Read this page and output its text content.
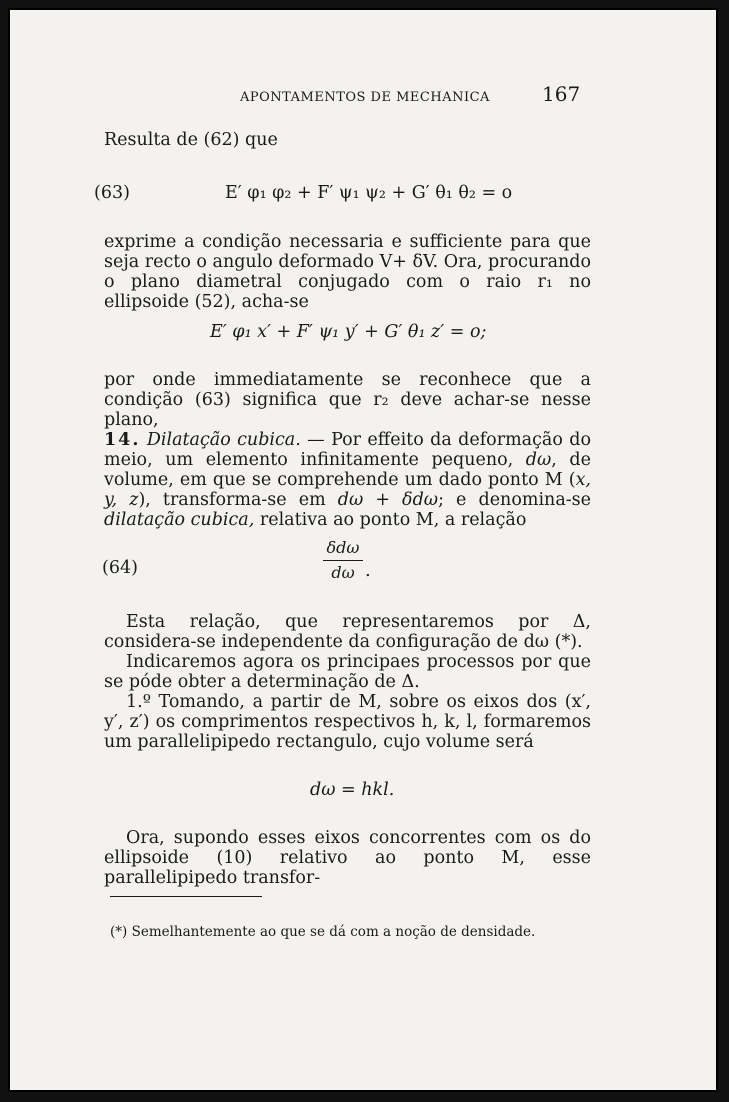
APONTAMENTOS DE MECHANICA	167
Resulta de (62) que
(63)	E′ φ₁ φ₂ + F′ ψ₁ ψ₂ + G′ θ₁ θ₂ = o
exprime a condição necessaria e sufficiente para que seja recto o angulo deformado V+ δV. Ora, procurando o plano diametral conjugado com o raio r₁ no ellipsoide (52), acha-se
E′ φ₁ x′ + F′ ψ₁ y′ + G′ θ₁ z′ = o;
por onde immediatamente se reconhece que a condição (63) significa que r₂ deve achar-se nesse plano,
14. Dilatação cubica. — Por effeito da deformação do meio, um elemento infinitamente pequeno, dω, de volume, em que se comprehende um dado ponto M (x, y, z), transforma-se em dω + δdω; e denomina-se dilatação cubica, relativa ao ponto M, a relação
(64)
δdω
dω .
Esta relação, que representaremos por Δ, considera-se independente da configuração de dω (*).
Indicaremos agora os principaes processos por que se póde obter a determinação de Δ.
1.º Tomando, a partir de M, sobre os eixos dos (x′, y′, z′) os comprimentos respectivos h, k, l, formaremos um parallelipipedo rectangulo, cujo volume será
dω = hkl.
Ora, supondo esses eixos concorrentes com os do ellipsoide (10) relativo ao ponto M, esse parallelipipedo transfor-
(*) Semelhantemente ao que se dá com a noção de densidade.
